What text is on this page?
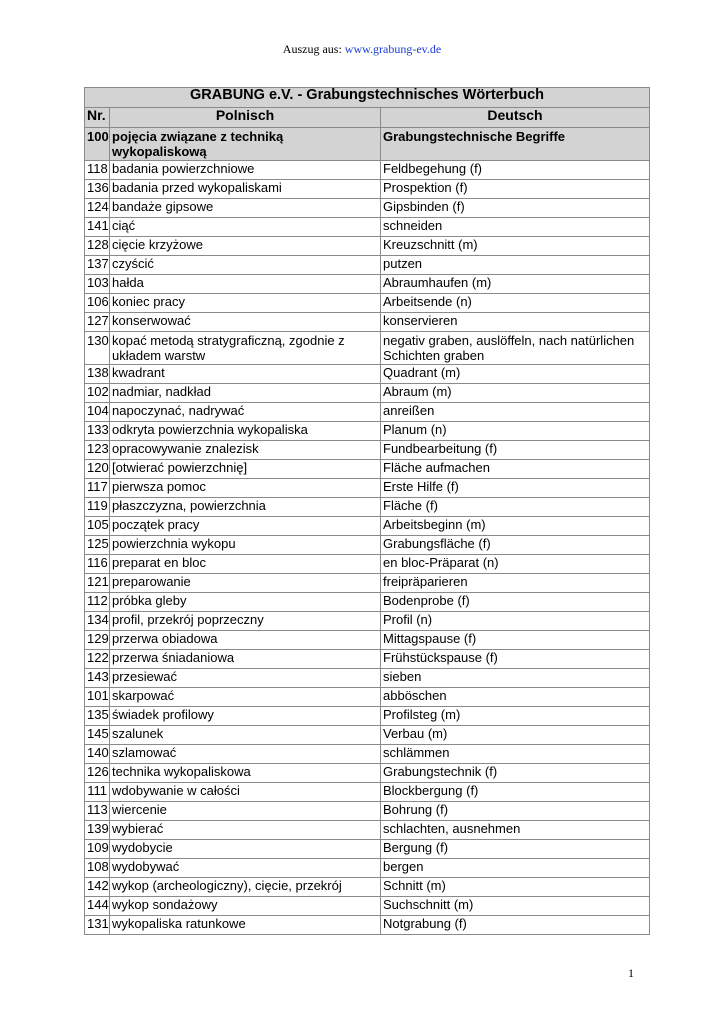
Auszug aus: www.grabung-ev.de
GRABUNG e.V. - Grabungstechnisches Wörterbuch		
Nr.	Polnisch	Deutsch
100	pojęcia związane z techniką wykopaliskową	Grabungstechnische Begriffe
118	badania powierzchniowe	Feldbegehung (f)
136	badania przed wykopaliskami	Prospektion (f)
124	bandaże gipsowe	Gipsbinden (f)
141	ciąć	schneiden
128	cięcie krzyżowe	Kreuzschnitt (m)
137	czyścić	putzen
103	hałda	Abraumhaufen (m)
106	koniec pracy	Arbeitsende (n)
127	konserwować	konservieren
130	kopać metodą stratygraficzną, zgodnie z układem warstw	negativ graben, auslöffeln, nach natürlichen Schichten graben
138	kwadrant	Quadrant (m)
102	nadmiar, nadkład	Abraum (m)
104	napoczynać, nadrywać	anreißen
133	odkryta powierzchnia wykopaliska	Planum (n)
123	opracowywanie znalezisk	Fundbearbeitung (f)
120	[otwierać powierzchnię]	Fläche aufmachen
117	pierwsza pomoc	Erste Hilfe (f)
119	płaszczyzna, powierzchnia	Fläche (f)
105	początek pracy	Arbeitsbeginn (m)
125	powierzchnia wykopu	Grabungsfläche (f)
116	preparat en bloc	en bloc-Präparat (n)
121	preparowanie	freipräparieren
112	próbka gleby	Bodenprobe (f)
134	profil, przekrój poprzeczny	Profil (n)
129	przerwa obiadowa	Mittagspause (f)
122	przerwa śniadaniowa	Frühstückspause (f)
143	przesiewać	sieben
101	skarpować	abböschen
135	świadek profilowy	Profilsteg (m)
145	szalunek	Verbau (m)
140	szlamować	schlämmen
126	technika wykopaliskowa	Grabungstechnik (f)
111	wdobywanie w całości	Blockbergung (f)
113	wiercenie	Bohrung (f)
139	wybierać	schlachten, ausnehmen
109	wydobycie	Bergung (f)
108	wydobywać	bergen
142	wykop (archeologiczny), cięcie, przekrój	Schnitt (m)
144	wykop sondażowy	Suchschnitt (m)
131	wykopaliska ratunkowe	Notgrabung (f)
1
